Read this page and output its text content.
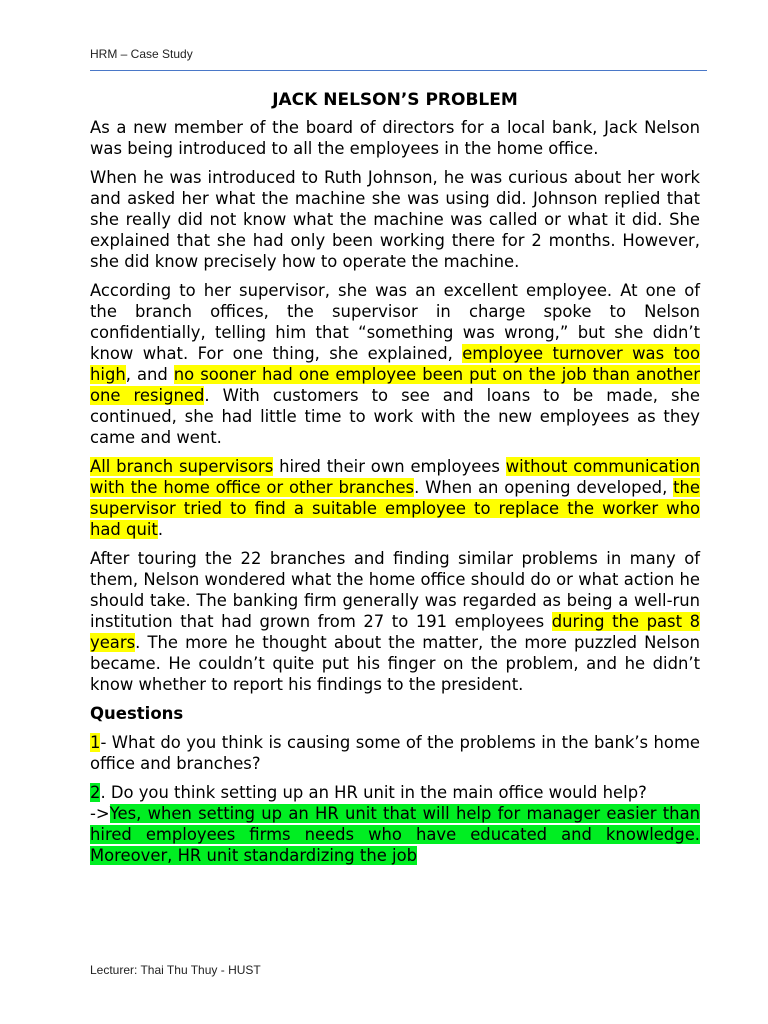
HRM – Case Study
JACK NELSON’S PROBLEM

As a new member of the board of directors for a local bank, Jack Nelson was being introduced to all the employees in the home office.

When he was introduced to Ruth Johnson, he was curious about her work and asked her what the machine she was using did. Johnson replied that she really did not know what the machine was called or what it did. She explained that she had only been working there for 2 months. However, she did know precisely how to operate the machine.

According to her supervisor, she was an excellent employee. At one of the branch offices, the supervisor in charge spoke to Nelson confidentially, telling him that “something was wrong,” but she didn’t know what. For one thing, she explained, employee turnover was too high, and no sooner had one employee been put on the job than another one resigned. With customers to see and loans to be made, she continued, she had little time to work with the new employees as they came and went.

All branch supervisors hired their own employees without communication with the home office or other branches. When an opening developed, the supervisor tried to find a suitable employee to replace the worker who had quit.

After touring the 22 branches and finding similar problems in many of them, Nelson wondered what the home office should do or what action he should take. The banking firm generally was regarded as being a well-run institution that had grown from 27 to 191 employees during the past 8 years. The more he thought about the matter, the more puzzled Nelson became. He couldn’t quite put his finger on the problem, and he didn’t know whether to report his findings to the president.

Questions

1- What do you think is causing some of the problems in the bank’s home office and branches?

2. Do you think setting up an HR unit in the main office would help?

->Yes, when setting up an HR unit that will help for manager easier than hired employees firms needs who have educated and knowledge. Moreover, HR unit standardizing the job

Lecturer: Thai Thu Thuy - HUST
